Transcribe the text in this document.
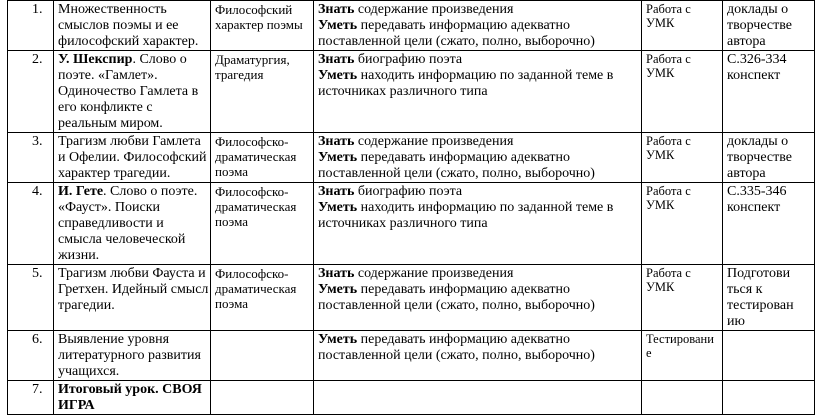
1.	Множественность
смыслов поэмы и ее
философский характер.	Философский
характер поэмы	Знать содержание произведения
Уметь передавать информацию адекватно
поставленной цели (сжато, полно, выборочно)	Работа с
УМК	доклады о
творчестве
автора

2.	У. Шекспир. Слово о
поэте. «Гамлет».
Одиночество Гамлета в
его конфликте с
реальным миром.	Драматургия,
трагедия	Знать биографию поэта
Уметь находить информацию по заданной теме в
источниках различного типа	Работа с
УМК	С.326-334
конспект

3.	Трагизм любви Гамлета
и Офелии. Философский
характер трагедии.	Философско-
драматическая
поэма	Знать содержание произведения
Уметь передавать информацию адекватно
поставленной цели (сжато, полно, выборочно)	Работа с
УМК	доклады о
творчестве
автора

4.	И. Гете. Слово о поэте.
«Фауст». Поиски
справедливости и
смысла человеческой
жизни.	Философско-
драматическая
поэма	Знать биографию поэта
Уметь находить информацию по заданной теме в
источниках различного типа	Работа с
УМК	С.335-346
конспект

5.	Трагизм любви Фауста и
Гретхен. Идейный смысл
трагедии.	Философско-
драматическая
поэма	Знать содержание произведения
Уметь передавать информацию адекватно
поставленной цели (сжато, полно, выборочно)	Работа с
УМК	Подготови
ться к
тестирован
ию

6.	Выявление уровня
литературного развития
учащихся.		Уметь передавать информацию адекватно
поставленной цели (сжато, полно, выборочно)	Тестировани
е	

7.	Итоговый урок. СВОЯ
ИГРА				
